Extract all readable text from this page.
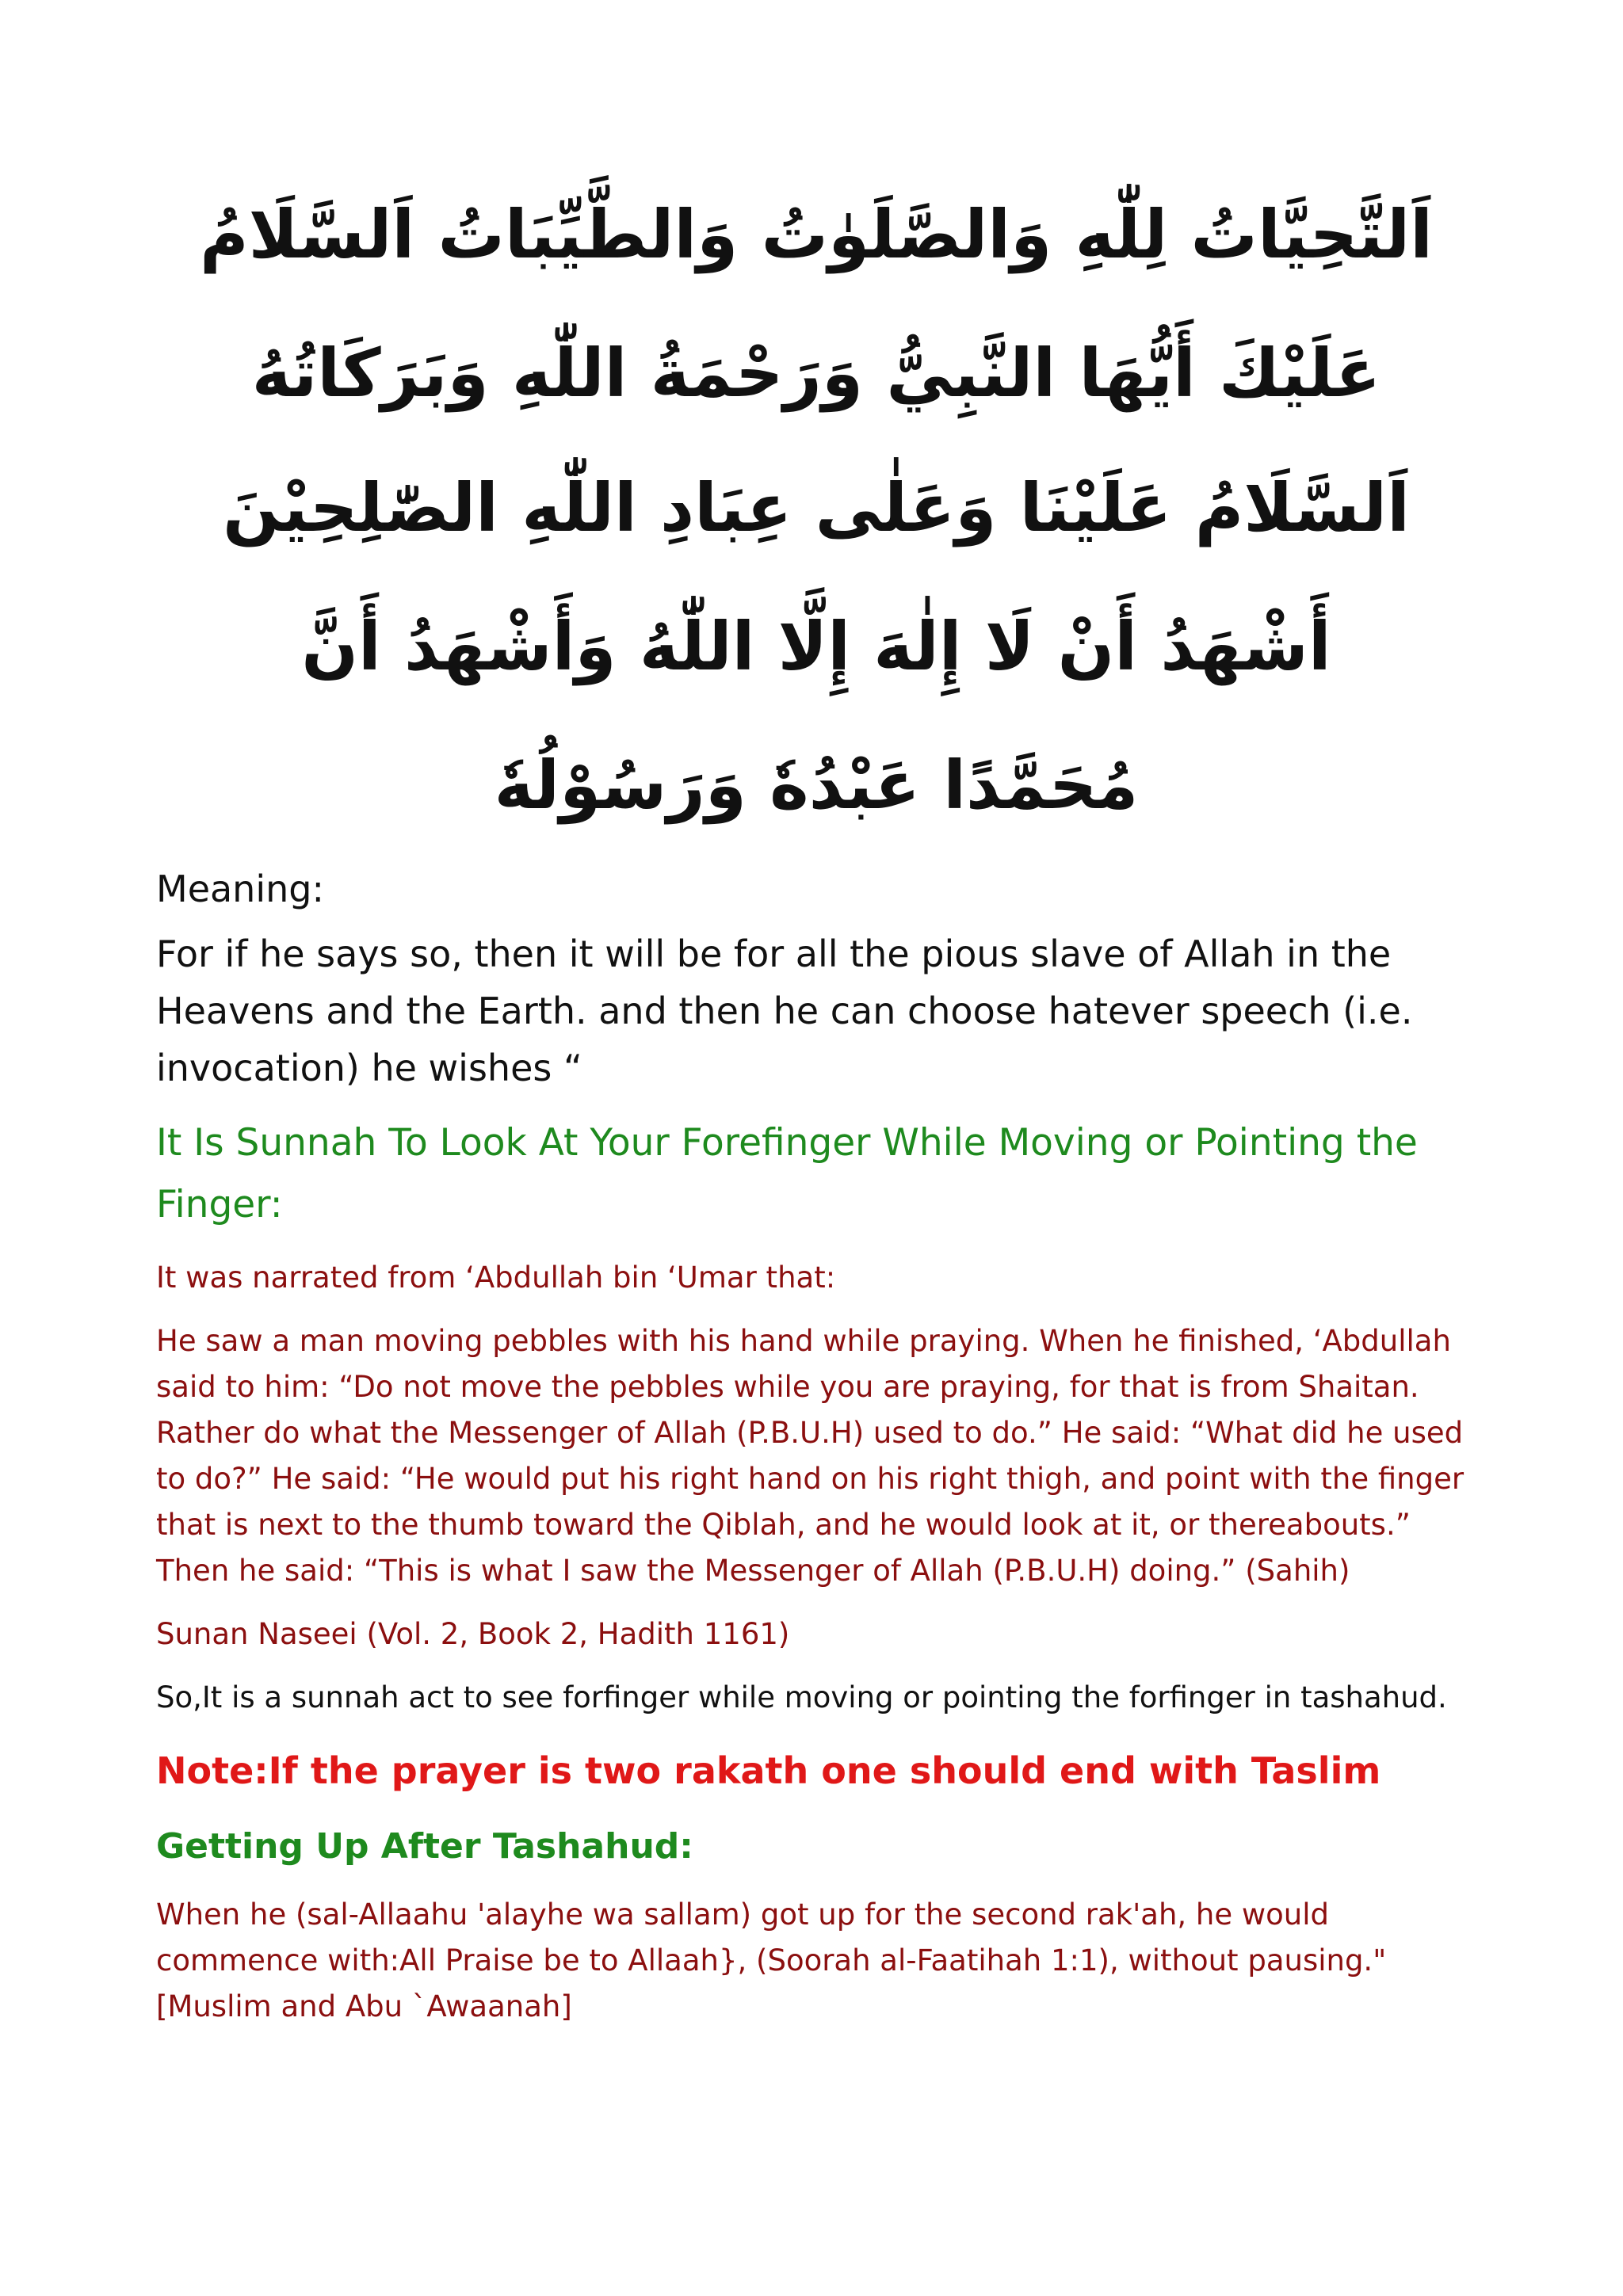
اَلتَّحِيَّاتُ لِلّٰهِ وَالصَّلَوٰتُ وَالطَّيِّبَاتُ اَلسَّلَامُ
عَلَيْكَ أَيُّهَا النَّبِيُّ وَرَحْمَةُ اللّٰهِ وَبَرَكَاتُهُ
اَلسَّلَامُ عَلَيْنَا وَعَلٰى عِبَادِ اللّٰهِ الصّٰلِحِيْنَ
أَشْهَدُ أَنْ لَا إِلٰهَ إِلَّا اللّٰهُ وَأَشْهَدُ أَنَّ
مُحَمَّدًا عَبْدُهٗ وَرَسُوْلُهٗ

Meaning:

For if he says so, then it will be for all the pious slave of Allah in the Heavens and the Earth. and then he can choose hatever speech (i.e. invocation) he wishes “

It Is Sunnah To Look At Your Forefinger While Moving or Pointing the Finger:

It was narrated from ‘Abdullah bin ‘Umar that:

He saw a man moving pebbles with his hand while praying. When he finished, ‘Abdullah said to him: “Do not move the pebbles while you are praying, for that is from Shaitan. Rather do what the Messenger of Allah (P.B.U.H) used to do.” He said: “What did he used to do?” He said: “He would put his right hand on his right thigh, and point with the finger that is next to the thumb toward the Qiblah, and he would look at it, or thereabouts.” Then he said: “This is what I saw the Messenger of Allah (P.B.U.H) doing.” (Sahih)

Sunan Naseei (Vol. 2, Book 2, Hadith 1161)

So,It is a sunnah act to see forfinger while moving or pointing the forfinger in tashahud.

Note:If the prayer is two rakath one should end with Taslim

Getting Up After Tashahud:

When he (sal-Allaahu 'alayhe wa sallam) got up for the second rak'ah, he would commence with:All Praise be to Allaah}, (Soorah al-Faatihah 1:1), without pausing." [Muslim and Abu `Awaanah]
